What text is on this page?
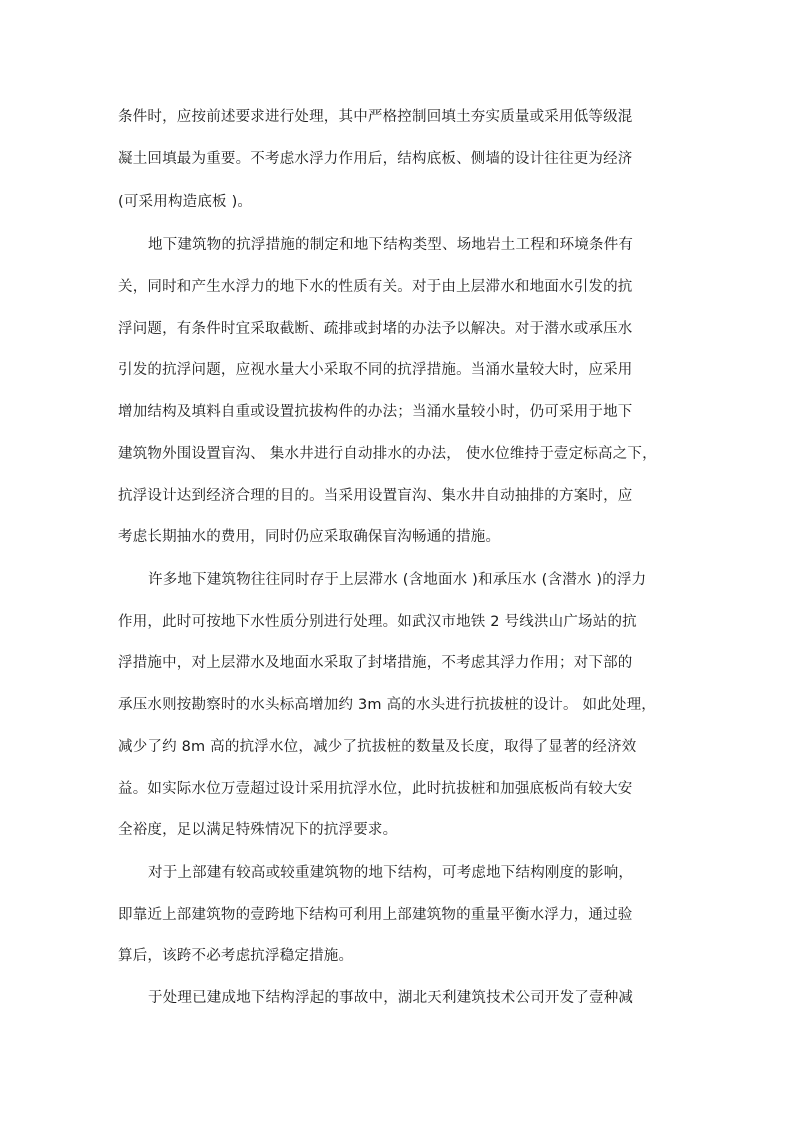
条件时，应按前述要求进行处理，其中严格控制回填土夯实质量或采用低等级混
凝土回填最为重要。不考虑水浮力作用后，结构底板、侧墙的设计往往更为经济
(可采用构造底板 )。
地下建筑物的抗浮措施的制定和地下结构类型、场地岩土工程和环境条件有
关，同时和产生水浮力的地下水的性质有关。对于由上层滞水和地面水引发的抗
浮问题，有条件时宜采取截断、疏排或封堵的办法予以解决。对于潜水或承压水
引发的抗浮问题，应视水量大小采取不同的抗浮措施。当涌水量较大时，应采用
增加结构及填料自重或设置抗拔构件的办法；当涌水量较小时，仍可采用于地下
建筑物外围设置盲沟、 集水井进行自动排水的办法， 使水位维持于壹定标高之下，
抗浮设计达到经济合理的目的。当采用设置盲沟、集水井自动抽排的方案时，应
考虑长期抽水的费用，同时仍应采取确保盲沟畅通的措施。
许多地下建筑物往往同时存于上层滞水 (含地面水 )和承压水 (含潜水 )的浮力
作用，此时可按地下水性质分别进行处理。如武汉市地铁 2 号线洪山广场站的抗
浮措施中，对上层滞水及地面水采取了封堵措施，不考虑其浮力作用；对下部的
承压水则按勘察时的水头标高增加约 3m 高的水头进行抗拔桩的设计。 如此处理，
减少了约 8m 高的抗浮水位，减少了抗拔桩的数量及长度，取得了显著的经济效
益。如实际水位万壹超过设计采用抗浮水位，此时抗拔桩和加强底板尚有较大安
全裕度，足以满足特殊情况下的抗浮要求。
对于上部建有较高或较重建筑物的地下结构，可考虑地下结构刚度的影响，
即靠近上部建筑物的壹跨地下结构可利用上部建筑物的重量平衡水浮力，通过验
算后，该跨不必考虑抗浮稳定措施。
于处理已建成地下结构浮起的事故中，湖北天利建筑技术公司开发了壹种减
